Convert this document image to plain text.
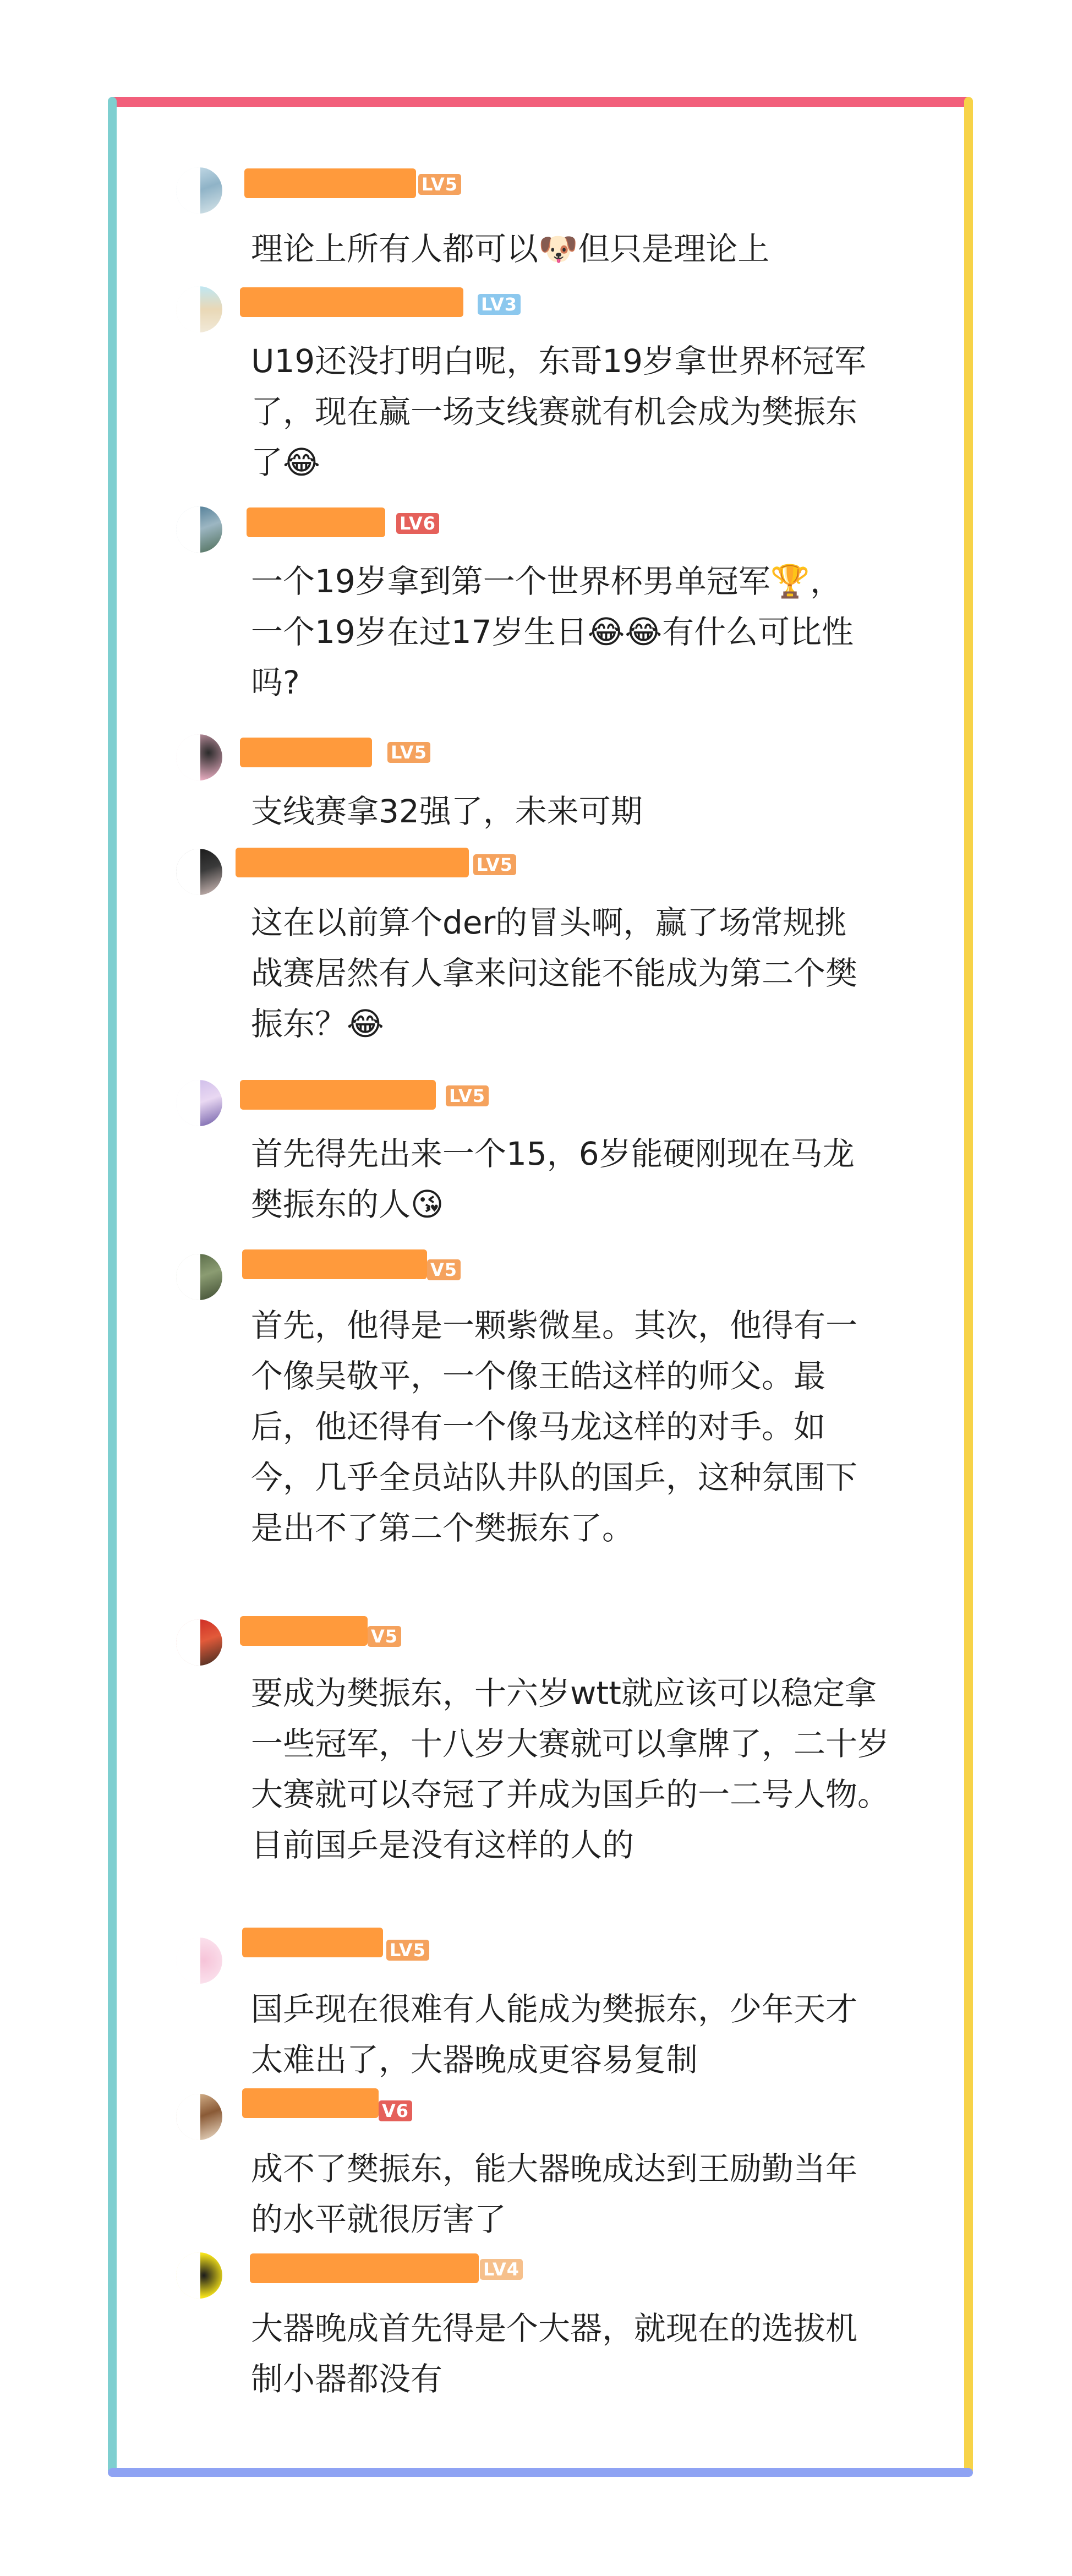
LV5
理论上所有人都可以🐶但只是理论上
LV3
U19还没打明白呢，东哥19岁拿世界杯冠军了，现在赢一场支线赛就有机会成为樊振东了😂
LV6
一个19岁拿到第一个世界杯男单冠军🏆，一个19岁在过17岁生日😂😂有什么可比性吗?
LV5
支线赛拿32强了，未来可期
LV5
这在以前算个der的冒头啊，赢了场常规挑战赛居然有人拿来问这能不能成为第二个樊振东？😂
LV5
首先得先出来一个15，6岁能硬刚现在马龙樊振东的人😘
V5
首先，他得是一颗紫微星。其次，他得有一个像吴敬平，一个像王皓这样的师父。最后，他还得有一个像马龙这样的对手。如今，几乎全员站队井队的国乒，这种氛围下是出不了第二个樊振东了。
V5
要成为樊振东，十六岁wtt就应该可以稳定拿一些冠军，十八岁大赛就可以拿牌了，二十岁大赛就可以夺冠了并成为国乒的一二号人物。目前国乒是没有这样的人的
LV5
国乒现在很难有人能成为樊振东，少年天才太难出了，大器晚成更容易复制
V6
成不了樊振东，能大器晚成达到王励勤当年的水平就很厉害了
LV4
大器晚成首先得是个大器，就现在的选拔机制小器都没有
